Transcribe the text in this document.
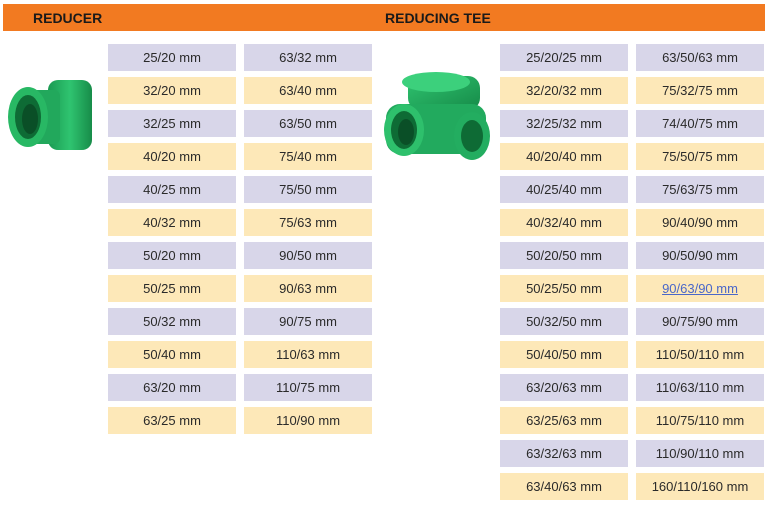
REDUCER	REDUCING TEE
25/20 mm
32/20 mm
32/25 mm
40/20 mm
40/25 mm
40/32 mm
50/20 mm
50/25 mm
50/32 mm
50/40 mm
63/20 mm
63/25 mm
63/32 mm
63/40 mm
63/50 mm
75/40 mm
75/50 mm
75/63 mm
90/50 mm
90/63 mm
90/75 mm
110/63 mm
110/75 mm
110/90 mm
25/20/25 mm
32/20/32 mm
32/25/32 mm
40/20/40 mm
40/25/40 mm
40/32/40 mm
50/20/50 mm
50/25/50 mm
50/32/50 mm
50/40/50 mm
63/20/63 mm
63/25/63 mm
63/32/63 mm
63/40/63 mm
63/50/63 mm
75/32/75 mm
74/40/75 mm
75/50/75 mm
75/63/75 mm
90/40/90 mm
90/50/90 mm
90/63/90 mm
90/75/90 mm
110/50/110 mm
110/63/110 mm
110/75/110 mm
110/90/110 mm
160/110/160 mm
